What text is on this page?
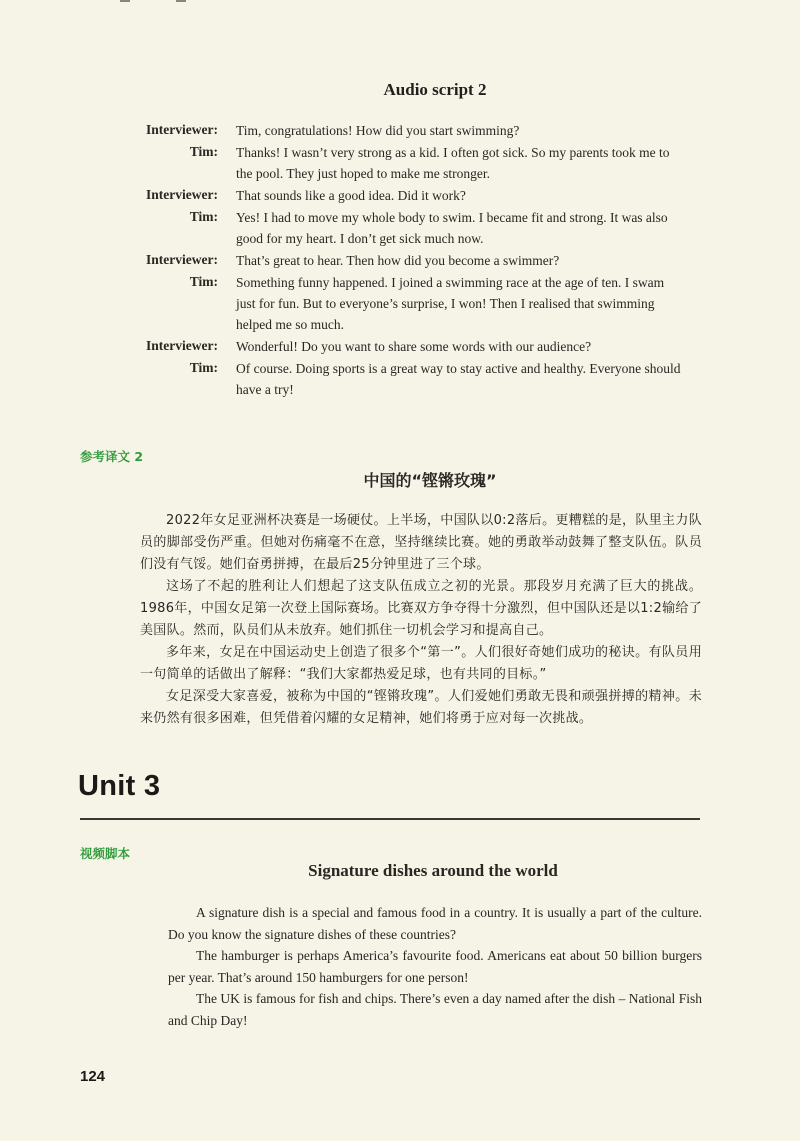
Audio script 2
Interviewer:	Tim, congratulations! How did you start swimming?
Tim:	Thanks! I wasn’t very strong as a kid. I often got sick. So my parents took me to the pool. They just hoped to make me stronger.
Interviewer:	That sounds like a good idea. Did it work?
Tim:	Yes! I had to move my whole body to swim. I became fit and strong. It was also good for my heart. I don’t get sick much now.
Interviewer:	That’s great to hear. Then how did you become a swimmer?
Tim:	Something funny happened. I joined a swimming race at the age of ten. I swam just for fun. But to everyone’s surprise, I won! Then I realised that swimming helped me so much.
Interviewer:	Wonderful! Do you want to share some words with our audience?
Tim:	Of course. Doing sports is a great way to stay active and healthy. Everyone should have a try!
参考译文 2
中国的“铿锵玫瑰”

2022年女足亚洲杯决赛是一场硬仗。上半场，中国队以0:2落后。更糟糕的是，队里主力队员的脚部受伤严重。但她对伤痛毫不在意，坚持继续比赛。她的勇敢举动鼓舞了整支队伍。队员们没有气馁。她们奋勇拼搏，在最后25分钟里进了三个球。

这场了不起的胜利让人们想起了这支队伍成立之初的光景。那段岁月充满了巨大的挑战。1986年，中国女足第一次登上国际赛场。比赛双方争夺得十分激烈，但中国队还是以1:2输给了美国队。然而，队员们从未放弃。她们抓住一切机会学习和提高自己。

多年来，女足在中国运动史上创造了很多个“第一”。人们很好奇她们成功的秘诀。有队员用一句简单的话做出了解释：“我们大家都热爱足球，也有共同的目标。”

女足深受大家喜爱，被称为中国的“铿锵玫瑰”。人们爱她们勇敢无畏和顽强拼搏的精神。未来仍然有很多困难，但凭借着闪耀的女足精神，她们将勇于应对每一次挑战。

Unit 3
视频脚本
Signature dishes around the world

A signature dish is a special and famous food in a country. It is usually a part of the culture. Do you know the signature dishes of these countries?

The hamburger is perhaps America’s favourite food. Americans eat about 50 billion burgers per year. That’s around 150 hamburgers for one person!

The UK is famous for fish and chips. There’s even a day named after the dish – National Fish and Chip Day!

124
